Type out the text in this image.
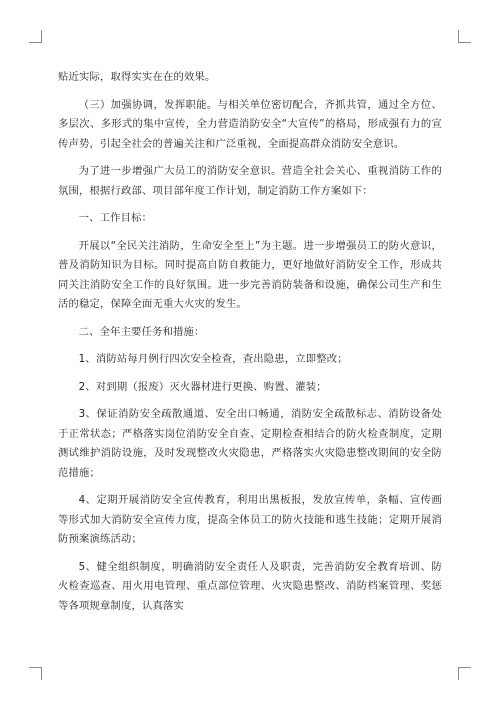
贴近实际，取得实实在在的效果。

（三）加强协调，发挥职能。与相关单位密切配合，齐抓共管，通过全方位、多层次、多形式的集中宣传，全力营造消防安全“大宣传”的格局，形成强有力的宣传声势，引起全社会的普遍关注和广泛重视，全面提高群众消防安全意识。

为了进一步增强广大员工的消防安全意识。营造全社会关心、重视消防工作的氛围，根据行政部、项目部年度工作计划，制定消防工作方案如下：

一、工作目标：

开展以“全民关注消防，生命安全至上”为主题。进一步增强员工的防火意识，普及消防知识为目标。同时提高自防自救能力，更好地做好消防安全工作，形成共同关注消防安全工作的良好氛围。进一步完善消防装备和设施，确保公司生产和生活的稳定，保障全面无重大火灾的发生。

二、全年主要任务和措施：

1、消防站每月例行四次安全检查，查出隐患，立即整改；

2、对到期（报废）灭火器材进行更换、购置、灌装；

3、保证消防安全疏散通道、安全出口畅通，消防安全疏散标志、消防设备处于正常状态；严格落实岗位消防安全自查、定期检查相结合的防火检查制度，定期测试维护消防设施，及时发现整改火灾隐患，严格落实火灾隐患整改期间的安全防范措施；

4、定期开展消防安全宣传教育，利用出黑板报，发放宣传单，条幅、宣传画等形式加大消防安全宣传力度，提高全体员工的防火技能和逃生技能；定期开展消防预案演练活动；

5、健全组织制度，明确消防安全责任人及职责，完善消防安全教育培训、防火检查巡查、用火用电管理、重点部位管理、火灾隐患整改、消防档案管理、奖惩等各项规章制度，认真落实
